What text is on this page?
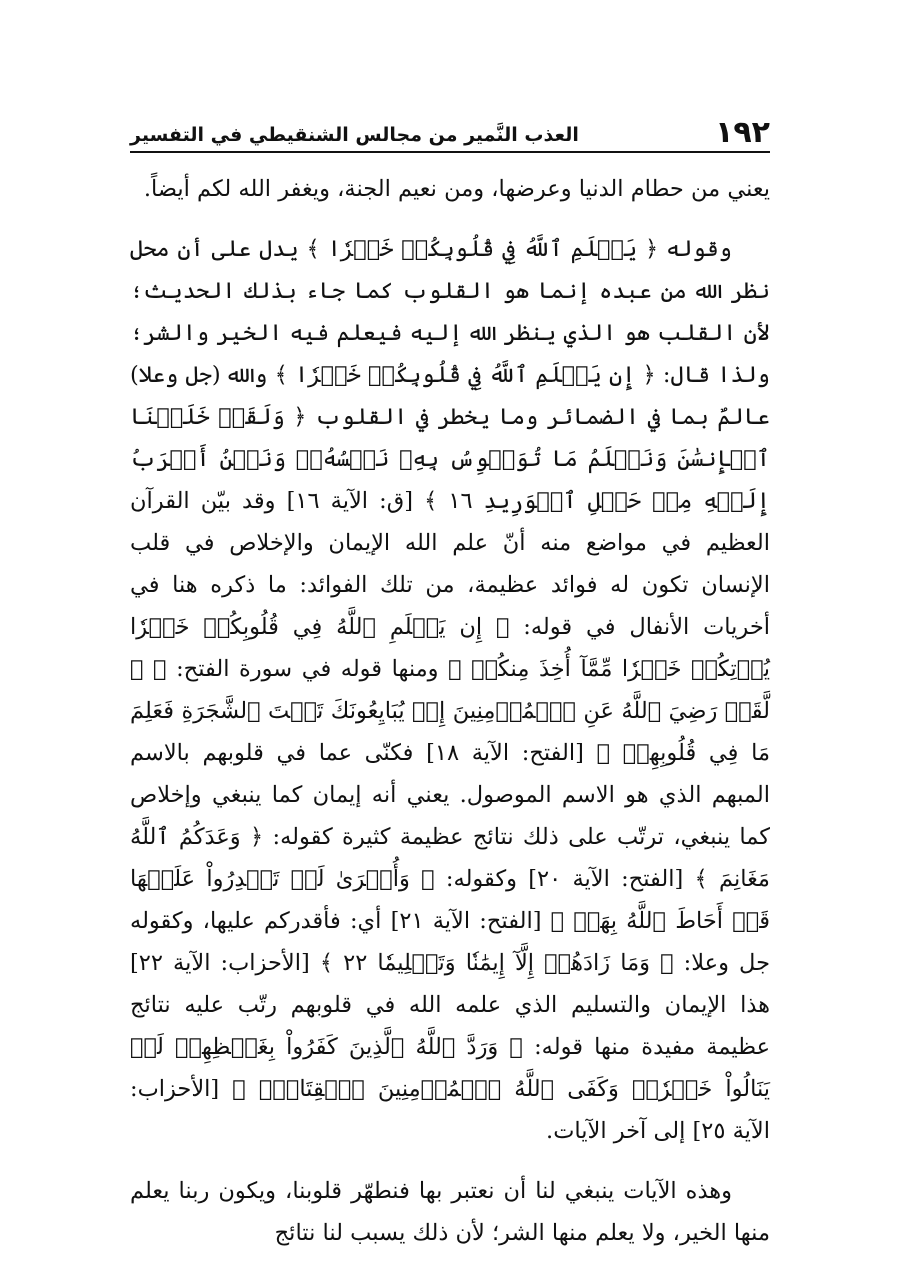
١٩٢
العذب النَّمير من مجالس الشنقيطي في التفسير

يعني من حطام الدنيا وعرضها، ومن نعيم الجنة، ويغفر الله لكم أيضاً.

وقوله ﴿ يَعۡلَمِ ٱللَّهُ فِي قُلُوبِكُمۡ خَيۡرٗا ﴾ يدل على أن محل نظر الله من عبده إنما هو القلوب كما جاء بذلك الحديث؛ لأن القلب هو الذي ينظر الله إليه فيعلم فيه الخير والشر؛ ولذا قال: ﴿ إِن يَعۡلَمِ ٱللَّهُ فِي قُلُوبِكُمۡ خَيۡرٗا ﴾ والله (جل وعلا) عالمٌ بما في الضمائر وما يخطر في القلوب ﴿ وَلَقَدۡ خَلَقۡنَا ٱلۡإِنسَٰنَ وَنَعۡلَمُ مَا تُوَسۡوِسُ بِهِۦ نَفۡسُهُۥۖ وَنَحۡنُ أَقۡرَبُ إِلَيۡهِ مِنۡ حَبۡلِ ٱلۡوَرِيدِ ١٦ ﴾ [ق: الآية ١٦] وقد بيّن القرآن العظيم في مواضع منه أنّ علم الله الإيمان والإخلاص في قلب الإنسان تكون له فوائد عظيمة، من تلك الفوائد: ما ذكره هنا في أخريات الأنفال في قوله: ﴿ إِن يَعۡلَمِ ٱللَّهُ فِي قُلُوبِكُمۡ خَيۡرٗا يُؤۡتِكُمۡ خَيۡرٗا مِّمَّآ أُخِذَ مِنكُمۡ ﴾ ومنها قوله في سورة الفتح: ﴿ ۞ لَّقَدۡ رَضِيَ ٱللَّهُ عَنِ ٱلۡمُؤۡمِنِينَ إِذۡ يُبَايِعُونَكَ تَحۡتَ ٱلشَّجَرَةِ فَعَلِمَ مَا فِي قُلُوبِهِمۡ ﴾ [الفتح: الآية ١٨] فكنّى عما في قلوبهم بالاسم المبهم الذي هو الاسم الموصول. يعني أنه إيمان كما ينبغي وإخلاص كما ينبغي، ترتّب على ذلك نتائج عظيمة كثيرة كقوله: ﴿ وَعَدَكُمُ ٱللَّهُ مَغَانِمَ ﴾ [الفتح: الآية ٢٠] وكقوله: ﴿ وَأُخۡرَىٰ لَمۡ تَقۡدِرُواْ عَلَيۡهَا قَدۡ أَحَاطَ ٱللَّهُ بِهَاۚ ﴾ [الفتح: الآية ٢١] أي: فأقدركم عليها، وكقوله جل وعلا: ﴿ وَمَا زَادَهُمۡ إِلَّآ إِيمَٰنٗا وَتَسۡلِيمٗا ٢٢ ﴾ [الأحزاب: الآية ٢٢] هذا الإيمان والتسليم الذي علمه الله في قلوبهم رتّب عليه نتائج عظيمة مفيدة منها قوله: ﴿ وَرَدَّ ٱللَّهُ ٱلَّذِينَ كَفَرُواْ بِغَيۡظِهِمۡ لَمۡ يَنَالُواْ خَيۡرٗاۚ وَكَفَى ٱللَّهُ ٱلۡمُؤۡمِنِينَ ٱلۡقِتَالَۚ ﴾ [الأحزاب: الآية ٢٥] إلى آخر الآيات.

وهذه الآيات ينبغي لنا أن نعتبر بها فنطهّر قلوبنا، ويكون ربنا يعلم منها الخير، ولا يعلم منها الشر؛ لأن ذلك يسبب لنا نتائج
